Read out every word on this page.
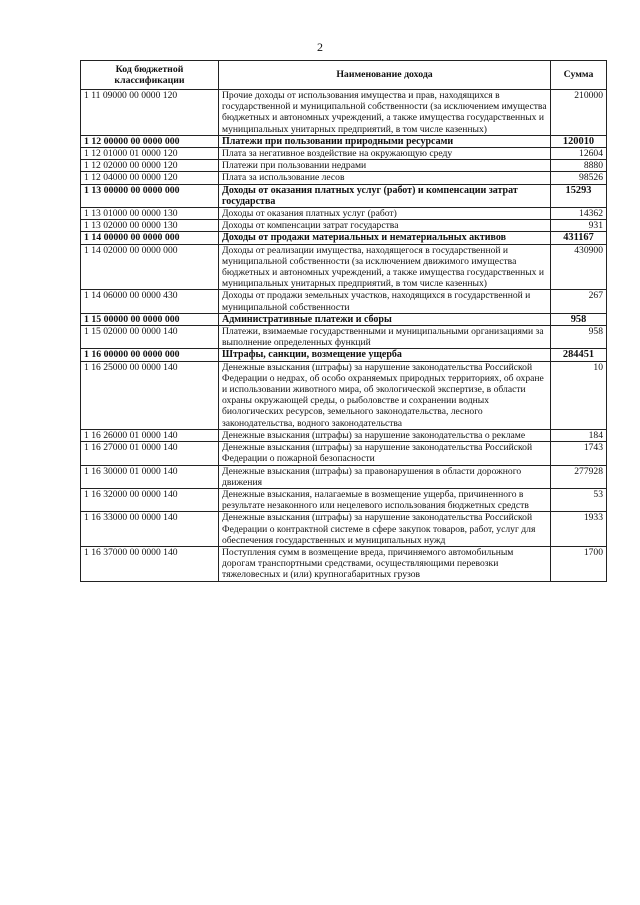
2
Код бюджетной классификации	Наименование дохода	Сумма
1 11 09000 00 0000 120	Прочие доходы от использования имущества и прав, находящихся в государственной и муниципальной собственности (за исключением имущества бюджетных и автономных учреждений, а также имущества государственных и муниципальных унитарных предприятий, в том числе казенных)	210000
1 12 00000 00 0000 000	Платежи при пользовании природными ресурсами	120010
1 12 01000 01 0000 120	Плата за негативное воздействие на окружающую среду	12604
1 12 02000 00 0000 120	Платежи при пользовании недрами	8880
1 12 04000 00 0000 120	Плата за использование лесов	98526
1 13 00000 00 0000 000	Доходы от оказания платных услуг (работ) и компенсации затрат государства	15293
1 13 01000 00 0000 130	Доходы от оказания платных услуг (работ)	14362
1 13 02000 00 0000 130	Доходы от компенсации затрат государства	931
1 14 00000 00 0000 000	Доходы от продажи материальных и нематериальных активов	431167
1 14 02000 00 0000 000	Доходы от реализации имущества, находящегося в государственной и муниципальной собственности (за исключением движимого имущества бюджетных и автономных учреждений, а также имущества государственных и муниципальных унитарных предприятий, в том числе казенных)	430900
1 14 06000 00 0000 430	Доходы от продажи земельных участков, находящихся в государственной и муниципальной собственности	267
1 15 00000 00 0000 000	Административные платежи и сборы	958
1 15 02000 00 0000 140	Платежи, взимаемые государственными и муниципальными организациями за выполнение определенных функций	958
1 16 00000 00 0000 000	Штрафы, санкции, возмещение ущерба	284451
1 16 25000 00 0000 140	Денежные взыскания (штрафы) за нарушение законодательства Российской Федерации о недрах, об особо охраняемых природных территориях, об охране и использовании животного мира, об экологической экспертизе, в области охраны окружающей среды, о рыболовстве и сохранении водных биологических ресурсов, земельного законодательства, лесного законодательства, водного законодательства	10
1 16 26000 01 0000 140	Денежные взыскания (штрафы) за нарушение законодательства о рекламе	184
1 16 27000 01 0000 140	Денежные взыскания (штрафы) за нарушение законодательства Российской Федерации о пожарной безопасности	1743
1 16 30000 01 0000 140	Денежные взыскания (штрафы) за правонарушения в области дорожного движения	277928
1 16 32000 00 0000 140	Денежные взыскания, налагаемые в возмещение ущерба, причиненного в результате незаконного или нецелевого использования бюджетных средств	53
1 16 33000 00 0000 140	Денежные взыскания (штрафы) за нарушение законодательства Российской Федерации о контрактной системе в сфере закупок товаров, работ, услуг для обеспечения государственных и муниципальных нужд	1933
1 16 37000 00 0000 140	Поступления сумм в возмещение вреда, причиняемого автомобильным дорогам транспортными средствами, осуществляющими перевозки тяжеловесных и (или) крупногабаритных грузов	1700
